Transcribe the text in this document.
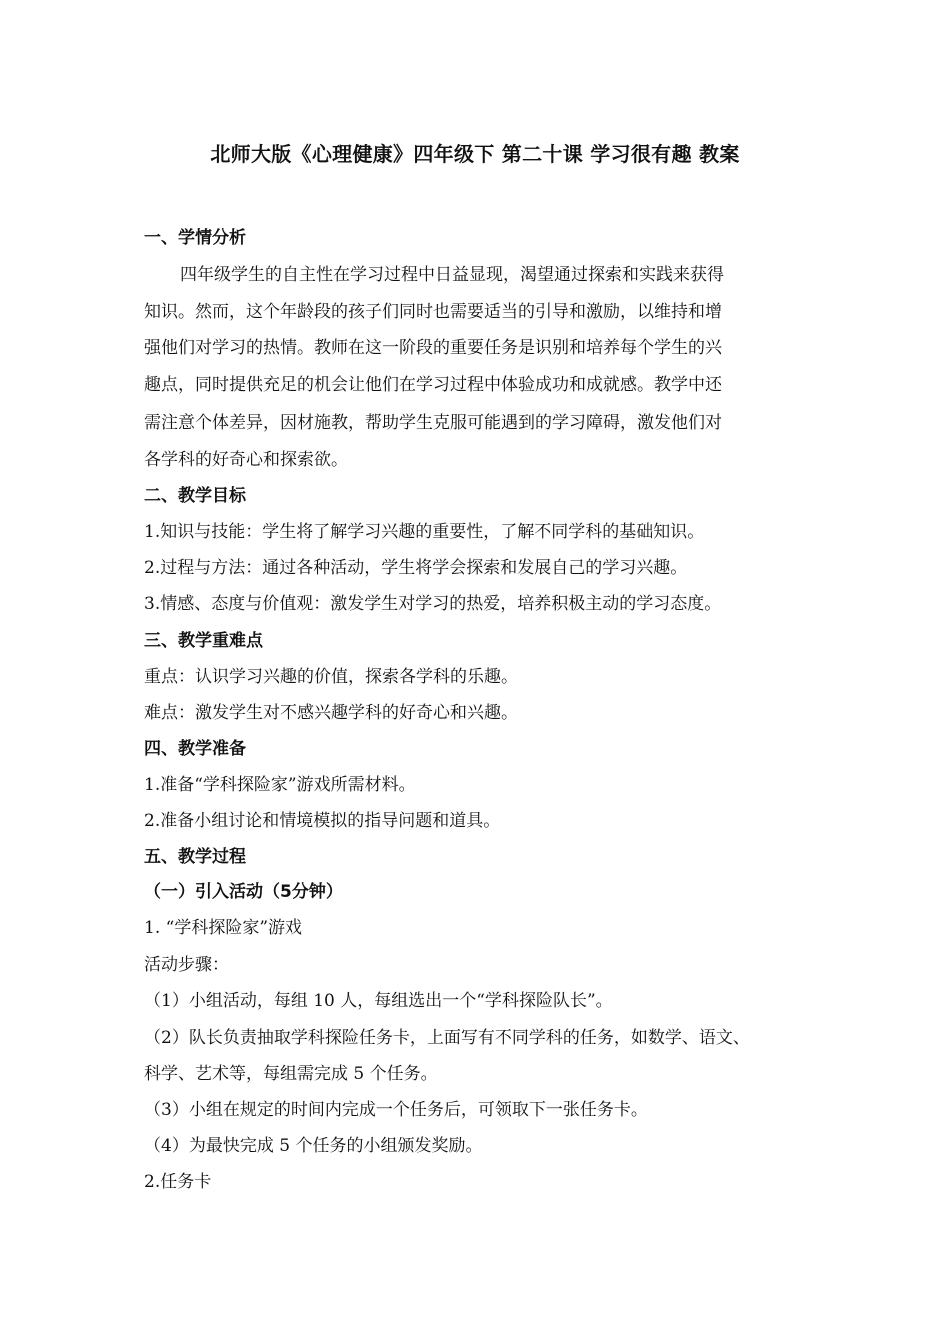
北师大版《心理健康》四年级下 第二十课 学习很有趣 教案
一、学情分析
四年级学生的自主性在学习过程中日益显现，渴望通过探索和实践来获得
知识。然而，这个年龄段的孩子们同时也需要适当的引导和激励，以维持和增
强他们对学习的热情。教师在这一阶段的重要任务是识别和培养每个学生的兴
趣点，同时提供充足的机会让他们在学习过程中体验成功和成就感。教学中还
需注意个体差异，因材施教，帮助学生克服可能遇到的学习障碍，激发他们对
各学科的好奇心和探索欲。
二、教学目标
1.知识与技能：学生将了解学习兴趣的重要性，了解不同学科的基础知识。
2.过程与方法：通过各种活动，学生将学会探索和发展自己的学习兴趣。
3.情感、态度与价值观：激发学生对学习的热爱，培养积极主动的学习态度。
三、教学重难点
重点：认识学习兴趣的价值，探索各学科的乐趣。
难点：激发学生对不感兴趣学科的好奇心和兴趣。
四、教学准备
1.准备“学科探险家”游戏所需材料。
2.准备小组讨论和情境模拟的指导问题和道具。
五、教学过程
（一）引入活动（5分钟）
1. “学科探险家”游戏
活动步骤：
（1）小组活动，每组 10 人，每组选出一个“学科探险队长”。
（2）队长负责抽取学科探险任务卡，上面写有不同学科的任务，如数学、语文、
科学、艺术等，每组需完成 5 个任务。
（3）小组在规定的时间内完成一个任务后，可领取下一张任务卡。
（4）为最快完成 5 个任务的小组颁发奖励。
2.任务卡
